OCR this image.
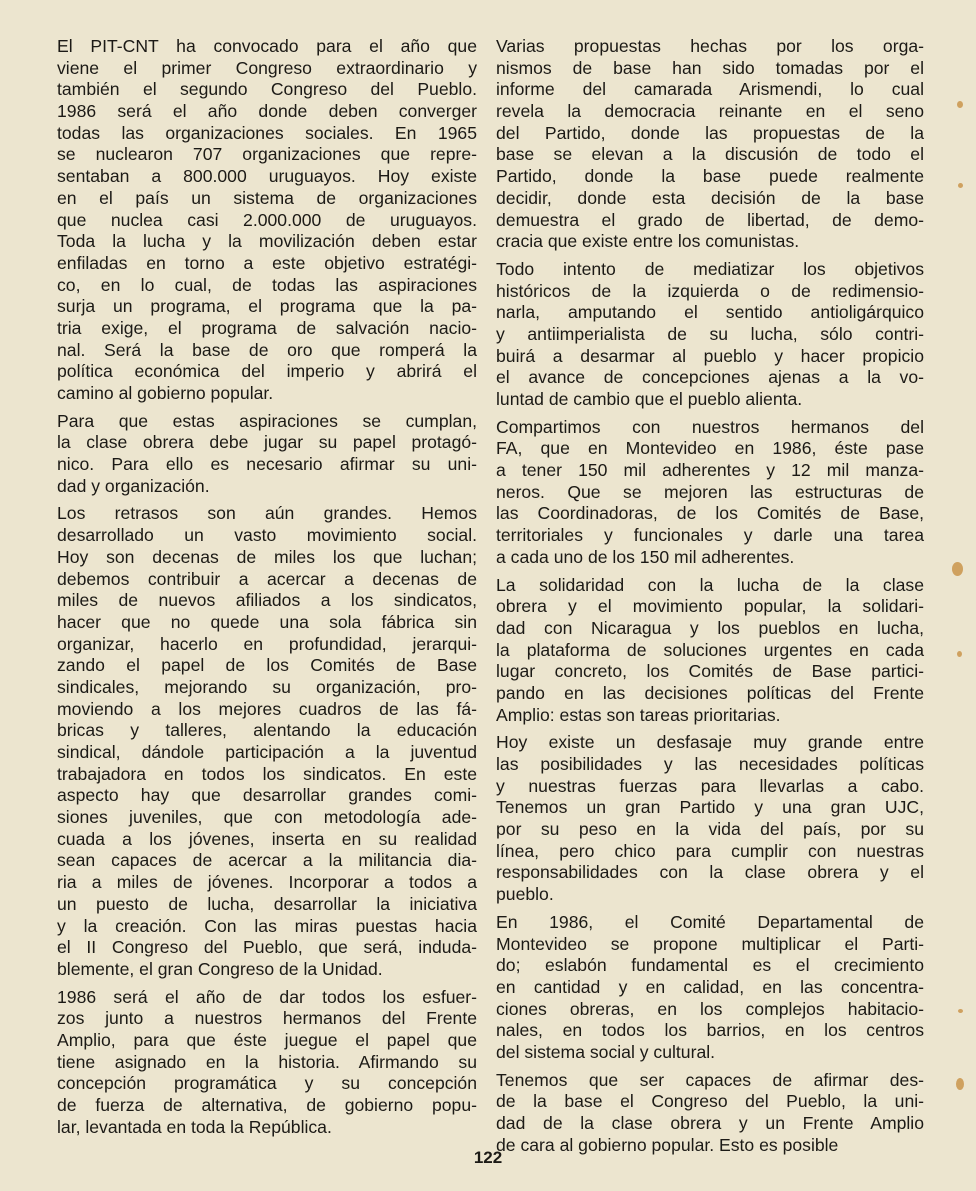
El PIT-CNT ha convocado para el año que
viene el primer Congreso extraordinario y
también el segundo Congreso del Pueblo.
1986 será el año donde deben converger
todas las organizaciones sociales. En 1965
se nuclearon 707 organizaciones que repre-
sentaban a 800.000 uruguayos. Hoy existe
en el país un sistema de organizaciones
que nuclea casi 2.000.000 de uruguayos.
Toda la lucha y la movilización deben estar
enfiladas en torno a este objetivo estratégi-
co, en lo cual, de todas las aspiraciones
surja un programa, el programa que la pa-
tria exige, el programa de salvación nacio-
nal. Será la base de oro que romperá la
política económica del imperio y abrirá el
camino al gobierno popular.
Para que estas aspiraciones se cumplan,
la clase obrera debe jugar su papel protagó-
nico. Para ello es necesario afirmar su uni-
dad y organización.
Los retrasos son aún grandes. Hemos
desarrollado un vasto movimiento social.
Hoy son decenas de miles los que luchan;
debemos contribuir a acercar a decenas de
miles de nuevos afiliados a los sindicatos,
hacer que no quede una sola fábrica sin
organizar, hacerlo en profundidad, jerarqui-
zando el papel de los Comités de Base
sindicales, mejorando su organización, pro-
moviendo a los mejores cuadros de las fá-
bricas y talleres, alentando la educación
sindical, dándole participación a la juventud
trabajadora en todos los sindicatos. En este
aspecto hay que desarrollar grandes comi-
siones juveniles, que con metodología ade-
cuada a los jóvenes, inserta en su realidad
sean capaces de acercar a la militancia dia-
ria a miles de jóvenes. Incorporar a todos a
un puesto de lucha, desarrollar la iniciativa
y la creación. Con las miras puestas hacia
el II Congreso del Pueblo, que será, induda-
blemente, el gran Congreso de la Unidad.
1986 será el año de dar todos los esfuer-
zos junto a nuestros hermanos del Frente
Amplio, para que éste juegue el papel que
tiene asignado en la historia. Afirmando su
concepción programática y su concepción
de fuerza de alternativa, de gobierno popu-
lar, levantada en toda la República.
Varias propuestas hechas por los orga-
nismos de base han sido tomadas por el
informe del camarada Arismendi, lo cual
revela la democracia reinante en el seno
del Partido, donde las propuestas de la
base se elevan a la discusión de todo el
Partido, donde la base puede realmente
decidir, donde esta decisión de la base
demuestra el grado de libertad, de demo-
cracia que existe entre los comunistas.
Todo intento de mediatizar los objetivos
históricos de la izquierda o de redimensio-
narla, amputando el sentido antioligárquico
y antiimperialista de su lucha, sólo contri-
buirá a desarmar al pueblo y hacer propicio
el avance de concepciones ajenas a la vo-
luntad de cambio que el pueblo alienta.
Compartimos con nuestros hermanos del
FA, que en Montevideo en 1986, éste pase
a tener 150 mil adherentes y 12 mil manza-
neros. Que se mejoren las estructuras de
las Coordinadoras, de los Comités de Base,
territoriales y funcionales y darle una tarea
a cada uno de los 150 mil adherentes.
La solidaridad con la lucha de la clase
obrera y el movimiento popular, la solidari-
dad con Nicaragua y los pueblos en lucha,
la plataforma de soluciones urgentes en cada
lugar concreto, los Comités de Base partici-
pando en las decisiones políticas del Frente
Amplio: estas son tareas prioritarias.
Hoy existe un desfasaje muy grande entre
las posibilidades y las necesidades políticas
y nuestras fuerzas para llevarlas a cabo.
Tenemos un gran Partido y una gran UJC,
por su peso en la vida del país, por su
línea, pero chico para cumplir con nuestras
responsabilidades con la clase obrera y el
pueblo.
En 1986, el Comité Departamental de
Montevideo se propone multiplicar el Parti-
do; eslabón fundamental es el crecimiento
en cantidad y en calidad, en las concentra-
ciones obreras, en los complejos habitacio-
nales, en todos los barrios, en los centros
del sistema social y cultural.
Tenemos que ser capaces de afirmar des-
de la base el Congreso del Pueblo, la uni-
dad de la clase obrera y un Frente Amplio
de cara al gobierno popular. Esto es posible
122
